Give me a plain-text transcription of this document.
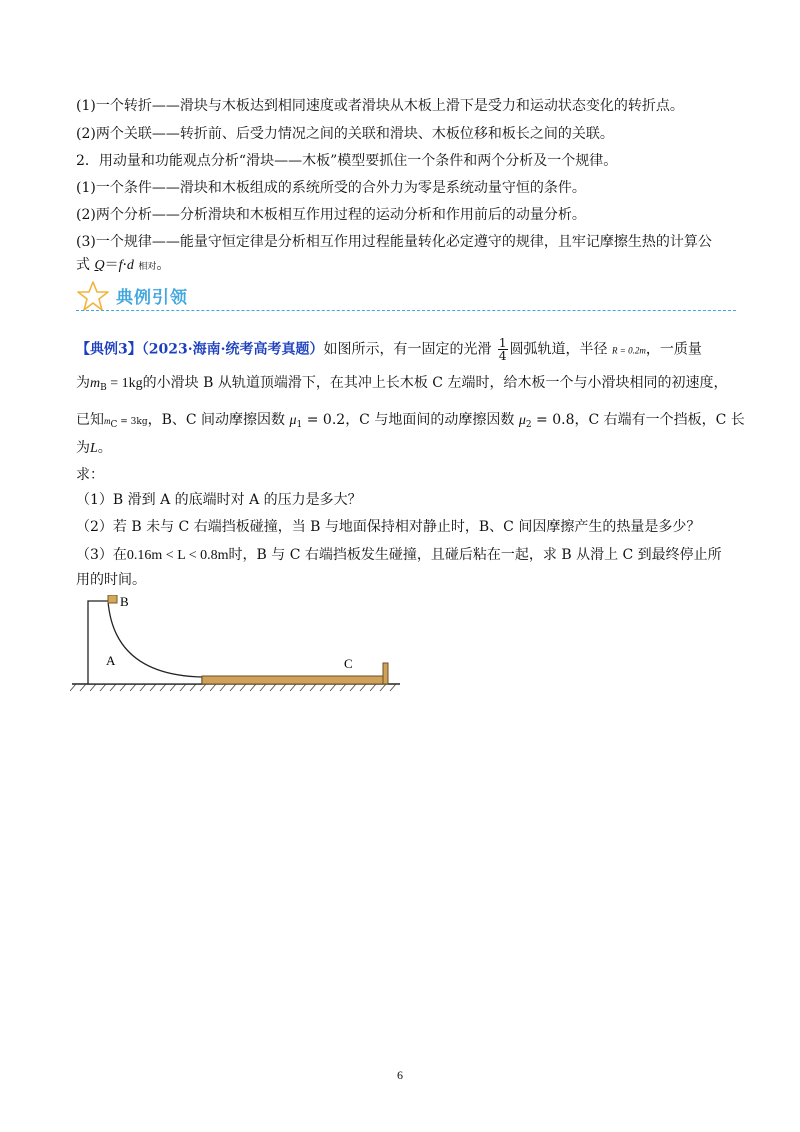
(1)一个转折——滑块与木板达到相同速度或者滑块从木板上滑下是受力和运动状态变化的转折点。
(2)两个关联——转折前、后受力情况之间的关联和滑块、木板位移和板长之间的关联。
2．用动量和功能观点分析“滑块——木板”模型要抓住一个条件和两个分析及一个规律。
(1)一个条件——滑块和木板组成的系统所受的合外力为零是系统动量守恒的条件。
(2)两个分析——分析滑块和木板相互作用过程的运动分析和作用前后的动量分析。
(3)一个规律——能量守恒定律是分析相互作用过程能量转化必定遵守的规律，且牢记摩擦生热的计算公
式 Q＝f·d 相对。
典例引领
【典例3】（2023·海南·统考高考真题）如图所示，有一固定的光滑 $\frac{1}{4}$ 圆弧轨道，半径 R = 0.2m，一质量
为$m_B = 1kg$的小滑块 B 从轨道顶端滑下，在其冲上长木板 C 左端时，给木板一个与小滑块相同的初速度，
已知$m_C = 3kg$，B、C 间动摩擦因数 $\mu_1 = 0.2$，C 与地面间的动摩擦因数 $\mu_2 = 0.8$，C 右端有一个挡板，C 长
为L。
求：
（1）B 滑到 A 的底端时对 A 的压力是多大？
（2）若 B 未与 C 右端挡板碰撞，当 B 与地面保持相对静止时，B、C 间因摩擦产生的热量是多少？
（3）在0.16m < L < 0.8m时，B 与 C 右端挡板发生碰撞，且碰后粘在一起，求 B 从滑上 C 到最终停止所
用的时间。
A
B
C
6
